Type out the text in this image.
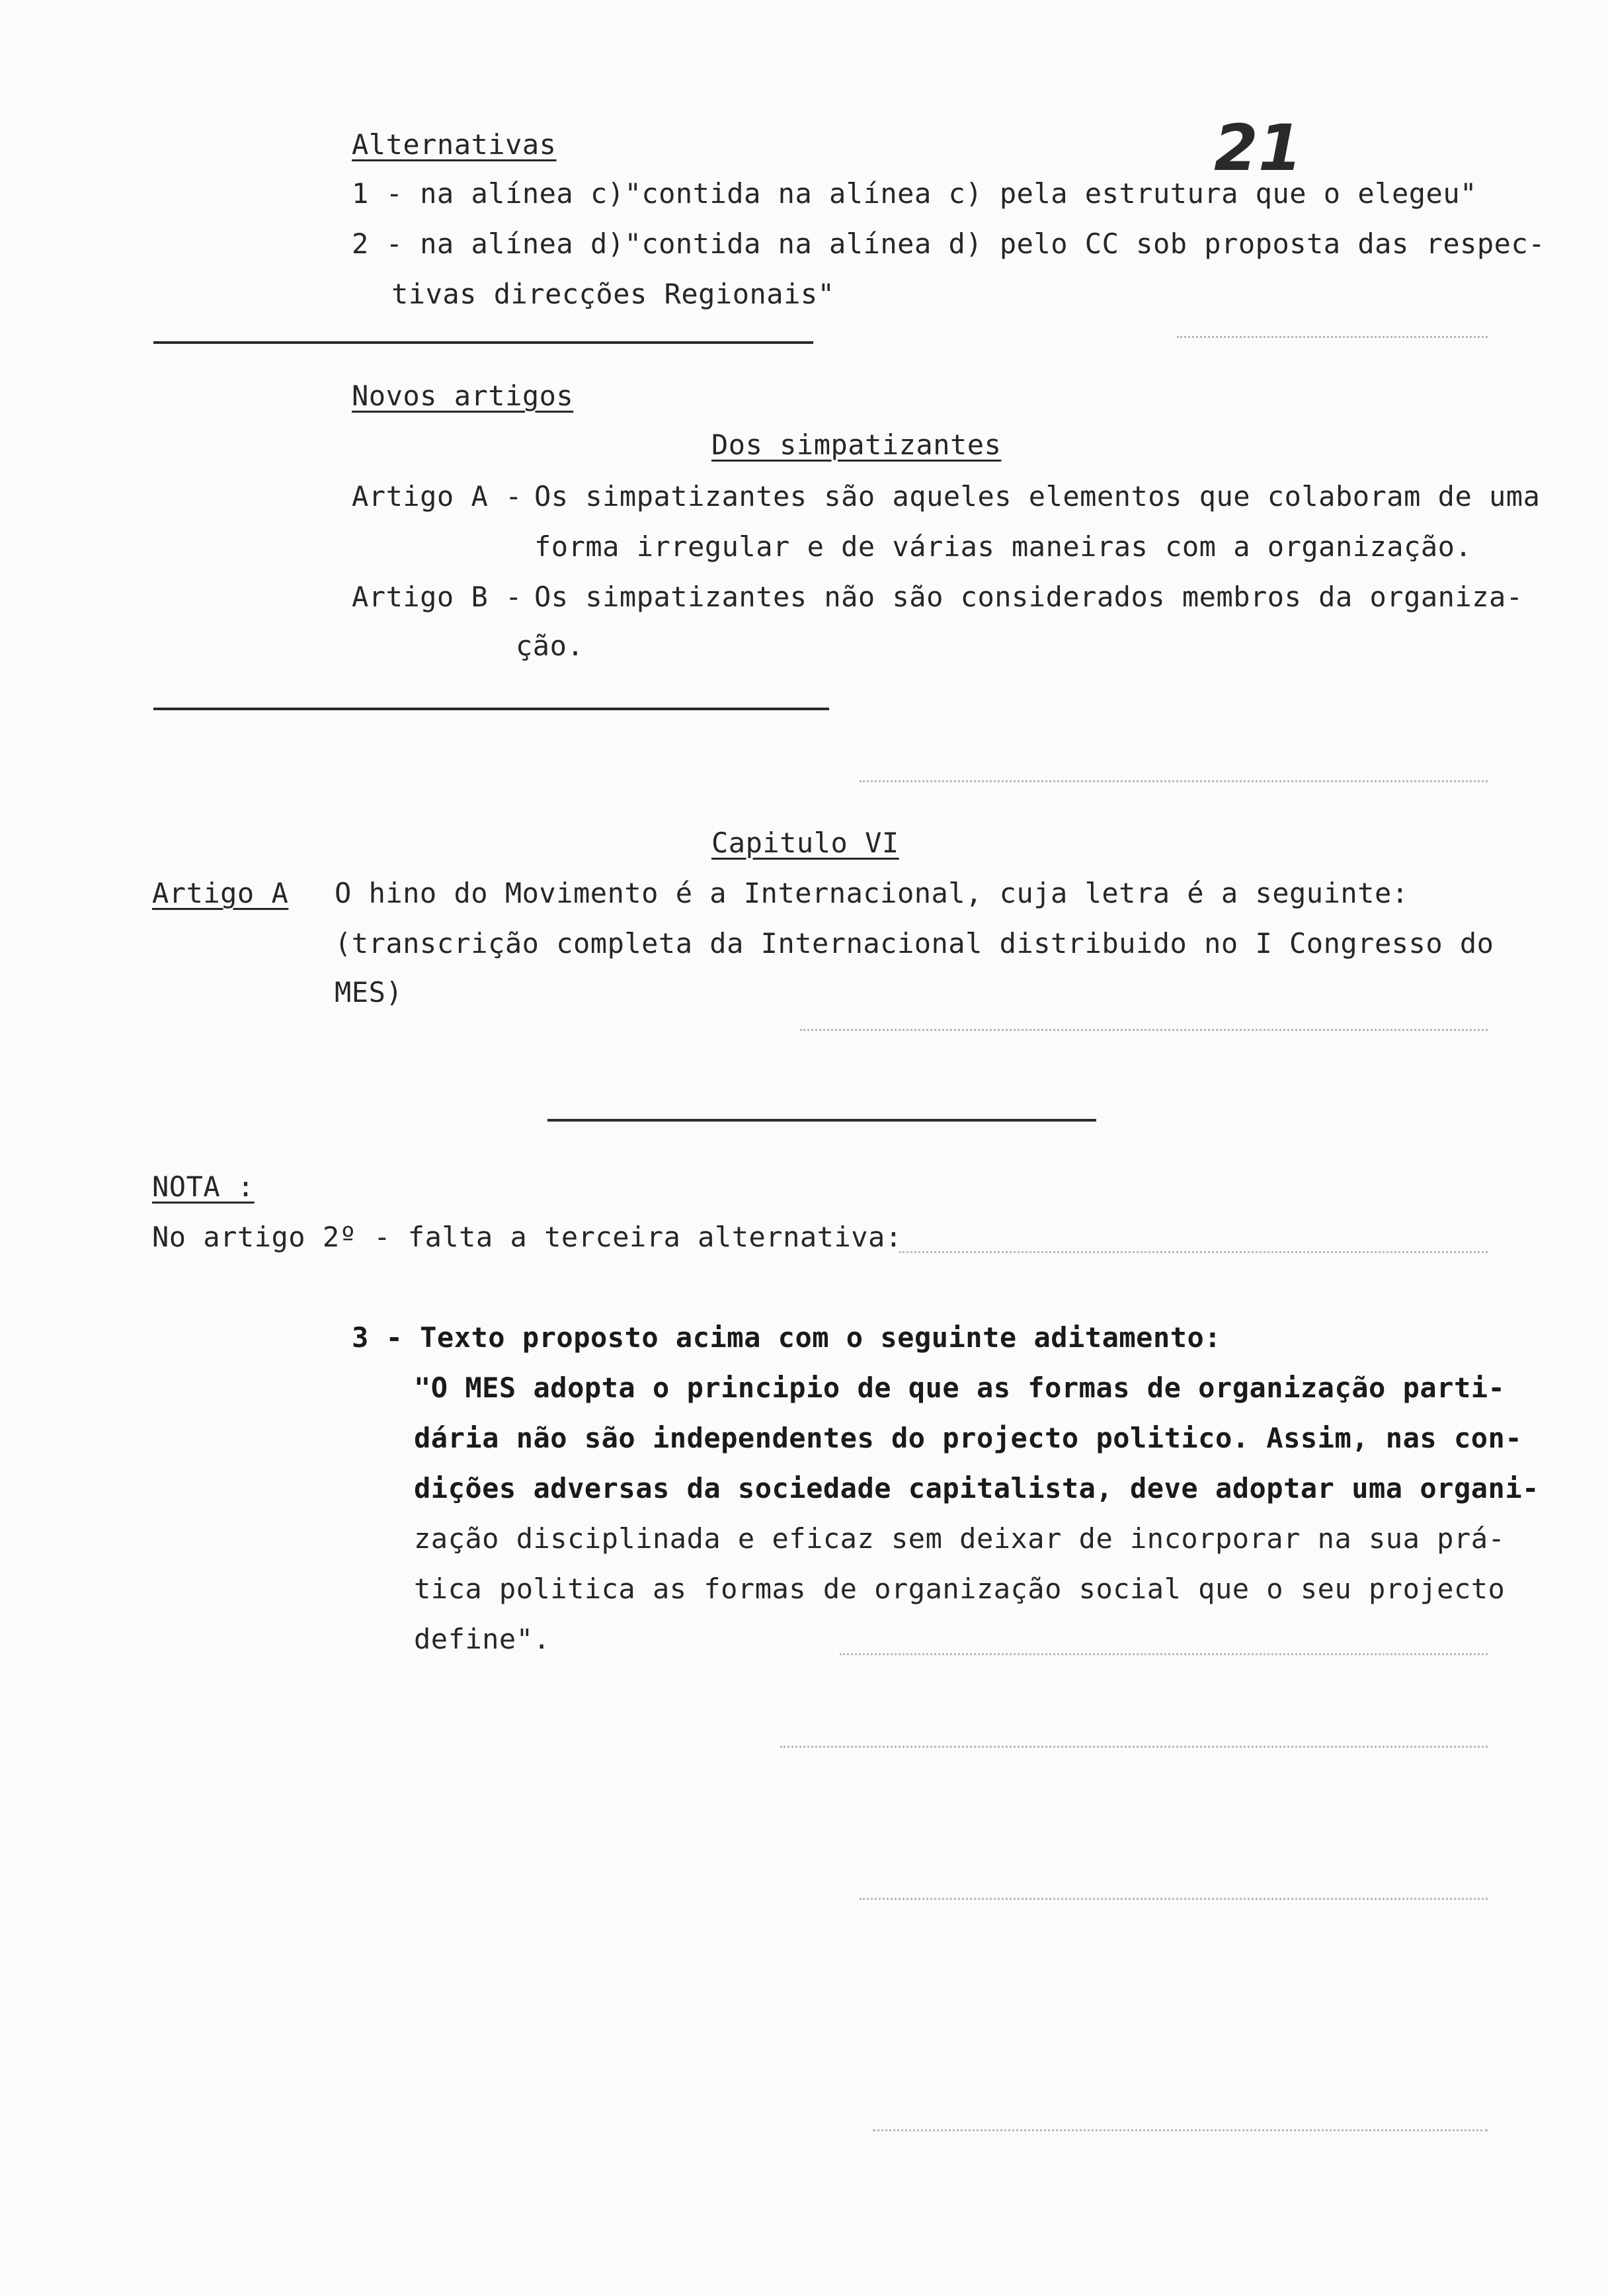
21
Alternativas
1 - na alínea c)"contida na alínea c) pela estrutura que o elegeu"
2 - na alínea d)"contida na alínea d) pelo CC sob proposta das respec-
tivas direcções Regionais"
Novos artigos
Dos simpatizantes
Artigo A -
Os simpatizantes são aqueles elementos que colaboram de uma
forma irregular e de várias maneiras com a organização.
Artigo B -
Os simpatizantes não são considerados membros da organiza-
ção.
Capitulo VI
Artigo A O hino do Movimento é a Internacional, cuja letra é a seguinte:
(transcrição completa da Internacional distribuido no I Congresso do
MES)
NOTA :
No artigo 2º - falta a terceira alternativa:
3 - Texto proposto acima com o seguinte aditamento:
"O MES adopta o principio de que as formas de organização parti-
dária não são independentes do projecto politico. Assim, nas con-
dições adversas da sociedade capitalista, deve adoptar uma organi-
zação disciplinada e eficaz sem deixar de incorporar na sua prá-
tica politica as formas de organização social que o seu projecto
define".
